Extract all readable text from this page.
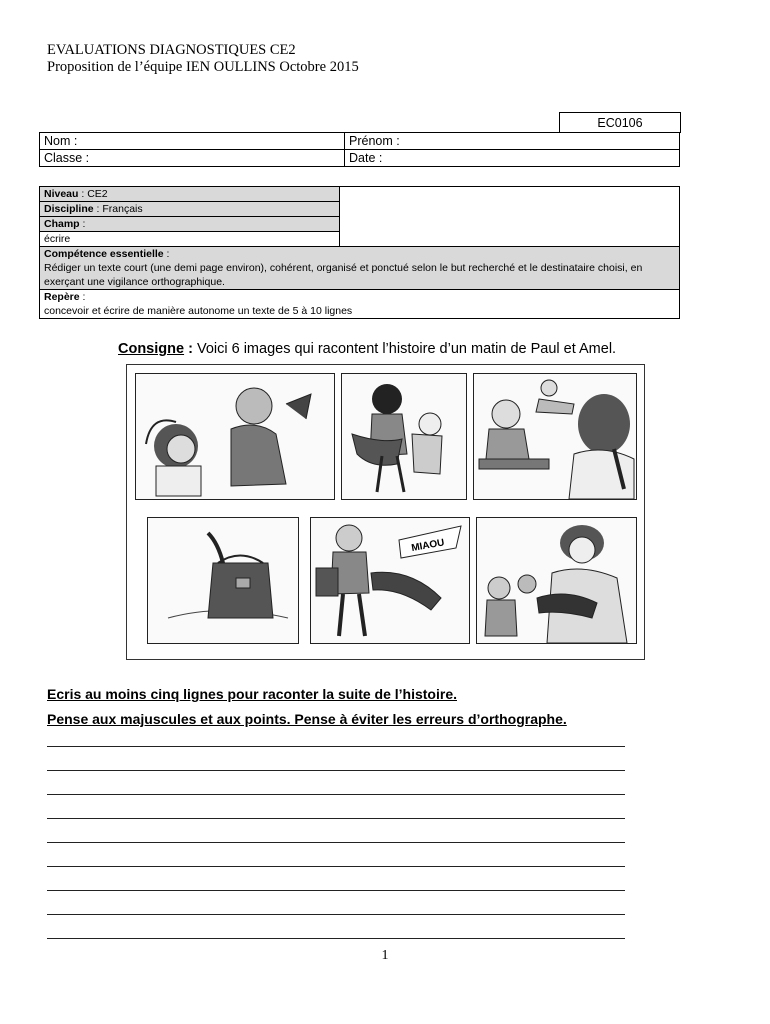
EVALUATIONS DIAGNOSTIQUES CE2
Proposition de l’équipe IEN OULLINS Octobre 2015
EC0106
Nom :	Prénom :
Classe :	Date :
Niveau : CE2	
Discipline : Français
Champ :
écrire
Compétence essentielle :
Rédiger un texte court (une demi page environ), cohérent, organisé et ponctué selon le but recherché et le destinataire choisi, en exerçant une vigilance orthographique.
Repère :
concevoir et écrire de manière autonome un texte de 5 à 10 lignes
Consigne : Voici 6 images qui racontent l’histoire d’un matin de Paul et Amel.
MIAOU
Ecris au moins cinq lignes pour raconter la suite de l’histoire.
Pense aux majuscules et aux points. Pense à éviter les erreurs d’orthographe.
1
